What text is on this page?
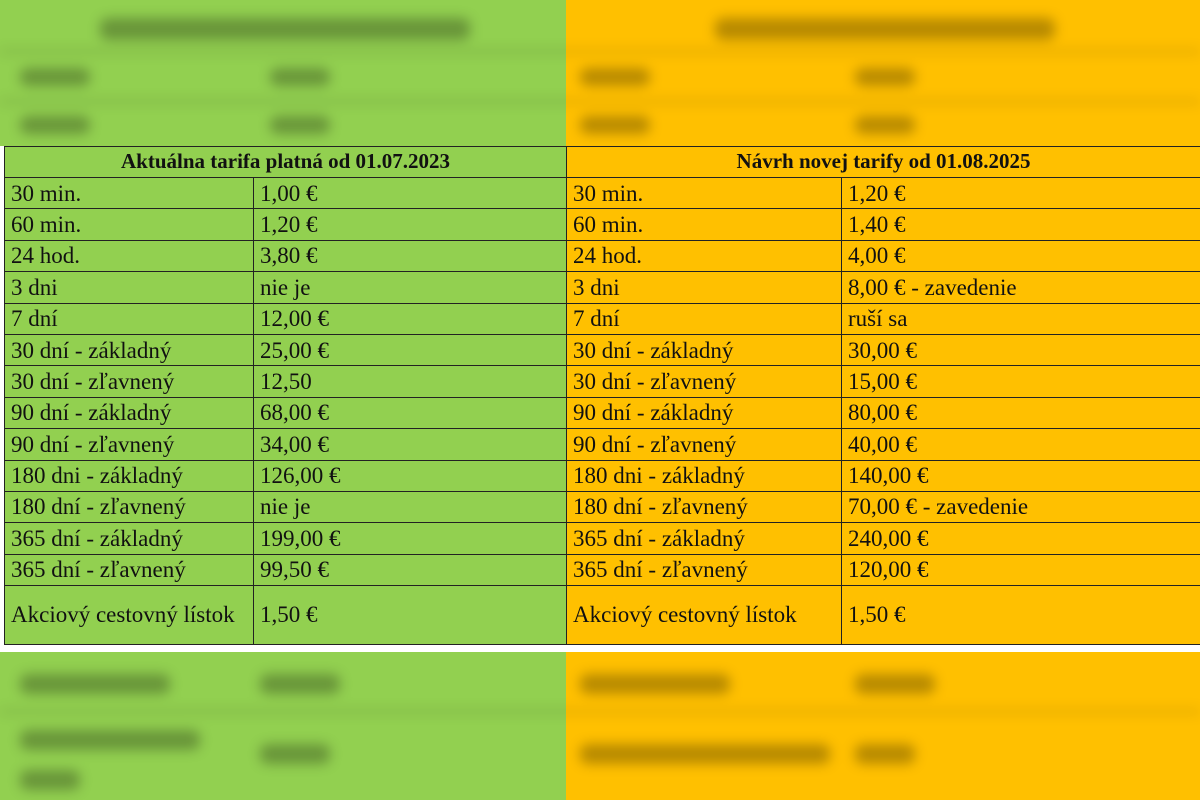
Aktuálna tarifa platná od 01.07.2023		Návrh novej tarify od 01.08.2025	
30 min.	1,00 €	30 min.	1,20 €
60 min.	1,20 €	60 min.	1,40 €
24 hod.	3,80 €	24 hod.	4,00 €
3 dni	nie je	3 dni	8,00 € - zavedenie
7 dní	12,00 €	7 dní	ruší sa
30 dní - základný	25,00 €	30 dní - základný	30,00 €
30 dní - zľavnený	12,50	30 dní - zľavnený	15,00 €
90 dní - základný	68,00 €	90 dní - základný	80,00 €
90 dní - zľavnený	34,00 €	90 dní - zľavnený	40,00 €
180 dni - základný	126,00 €	180 dni - základný	140,00 €
180 dní - zľavnený	nie je	180 dní - zľavnený	70,00 € - zavedenie
365 dní - základný	199,00 €	365 dní - základný	240,00 €
365 dní - zľavnený	99,50 €	365 dní - zľavnený	120,00 €
Akciový cestovný lístok	1,50 €	Akciový cestovný lístok	1,50 €
